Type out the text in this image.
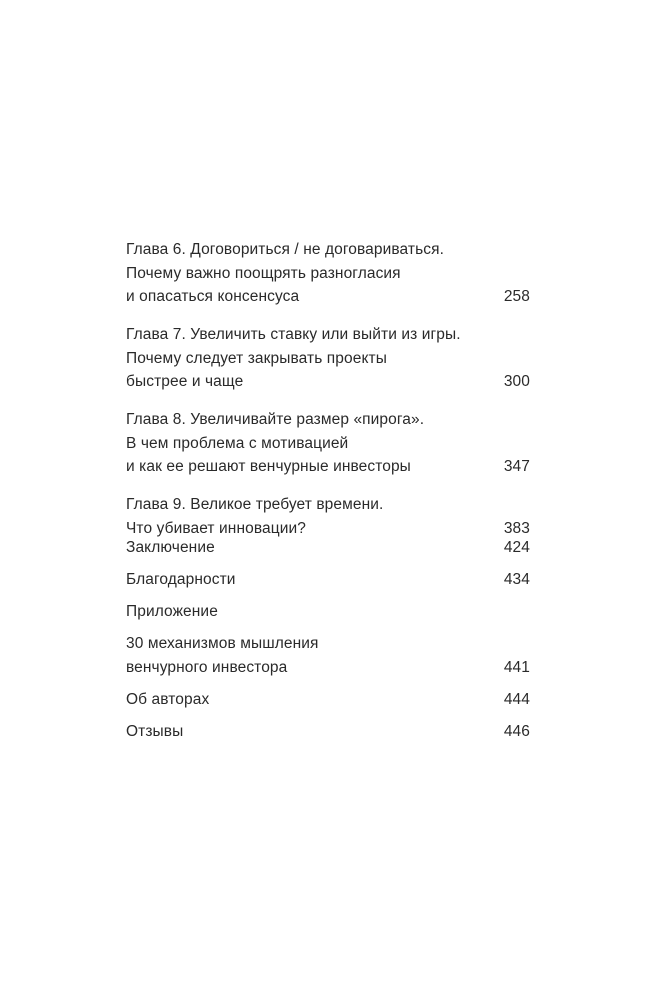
Глава 6. Договориться / не договариваться.
Почему важно поощрять разногласия
и опасаться консенсуса	258
Глава 7. Увеличить ставку или выйти из игры.
Почему следует закрывать проекты
быстрее и чаще	300
Глава 8. Увеличивайте размер «пирога».
В чем проблема с мотивацией
и как ее решают венчурные инвесторы	347
Глава 9. Великое требует времени.
Что убивает инновации?	383
Заключение	424
Благодарности	434
Приложение
30 механизмов мышления
венчурного инвестора	441
Об авторах	444
Отзывы	446
